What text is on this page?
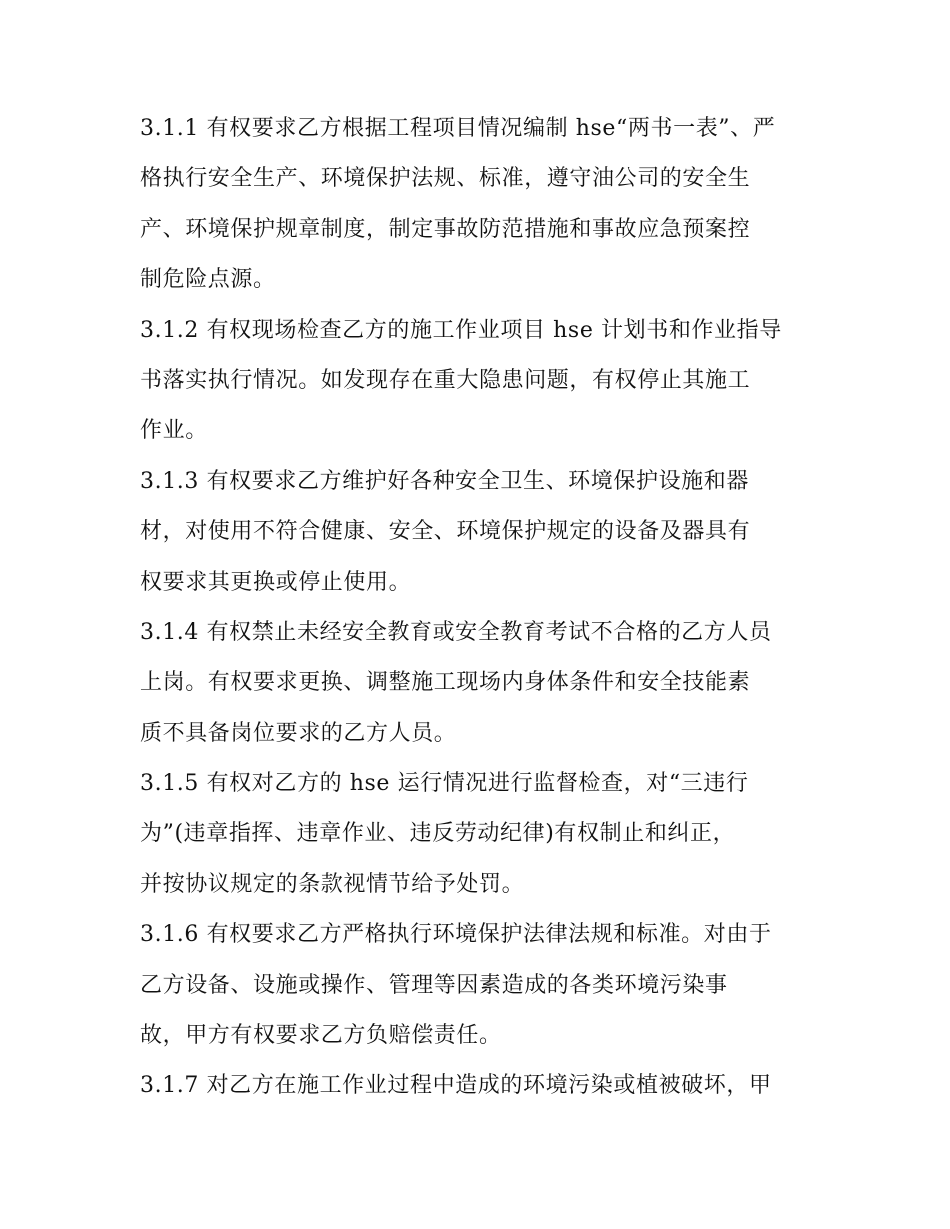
3.1.1 有权要求乙方根据工程项目情况编制 hse“两书一表”、严
格执行安全生产、环境保护法规、标准，遵守油公司的安全生
产、环境保护规章制度，制定事故防范措施和事故应急预案控
制危险点源。
3.1.2 有权现场检查乙方的施工作业项目 hse 计划书和作业指导
书落实执行情况。如发现存在重大隐患问题，有权停止其施工
作业。
3.1.3 有权要求乙方维护好各种安全卫生、环境保护设施和器
材，对使用不符合健康、安全、环境保护规定的设备及器具有
权要求其更换或停止使用。
3.1.4 有权禁止未经安全教育或安全教育考试不合格的乙方人员
上岗。有权要求更换、调整施工现场内身体条件和安全技能素
质不具备岗位要求的乙方人员。
3.1.5 有权对乙方的 hse 运行情况进行监督检查，对“三违行
为”(违章指挥、违章作业、违反劳动纪律)有权制止和纠正，
并按协议规定的条款视情节给予处罚。
3.1.6 有权要求乙方严格执行环境保护法律法规和标准。对由于
乙方设备、设施或操作、管理等因素造成的各类环境污染事
故，甲方有权要求乙方负赔偿责任。
3.1.7 对乙方在施工作业过程中造成的环境污染或植被破坏，甲
